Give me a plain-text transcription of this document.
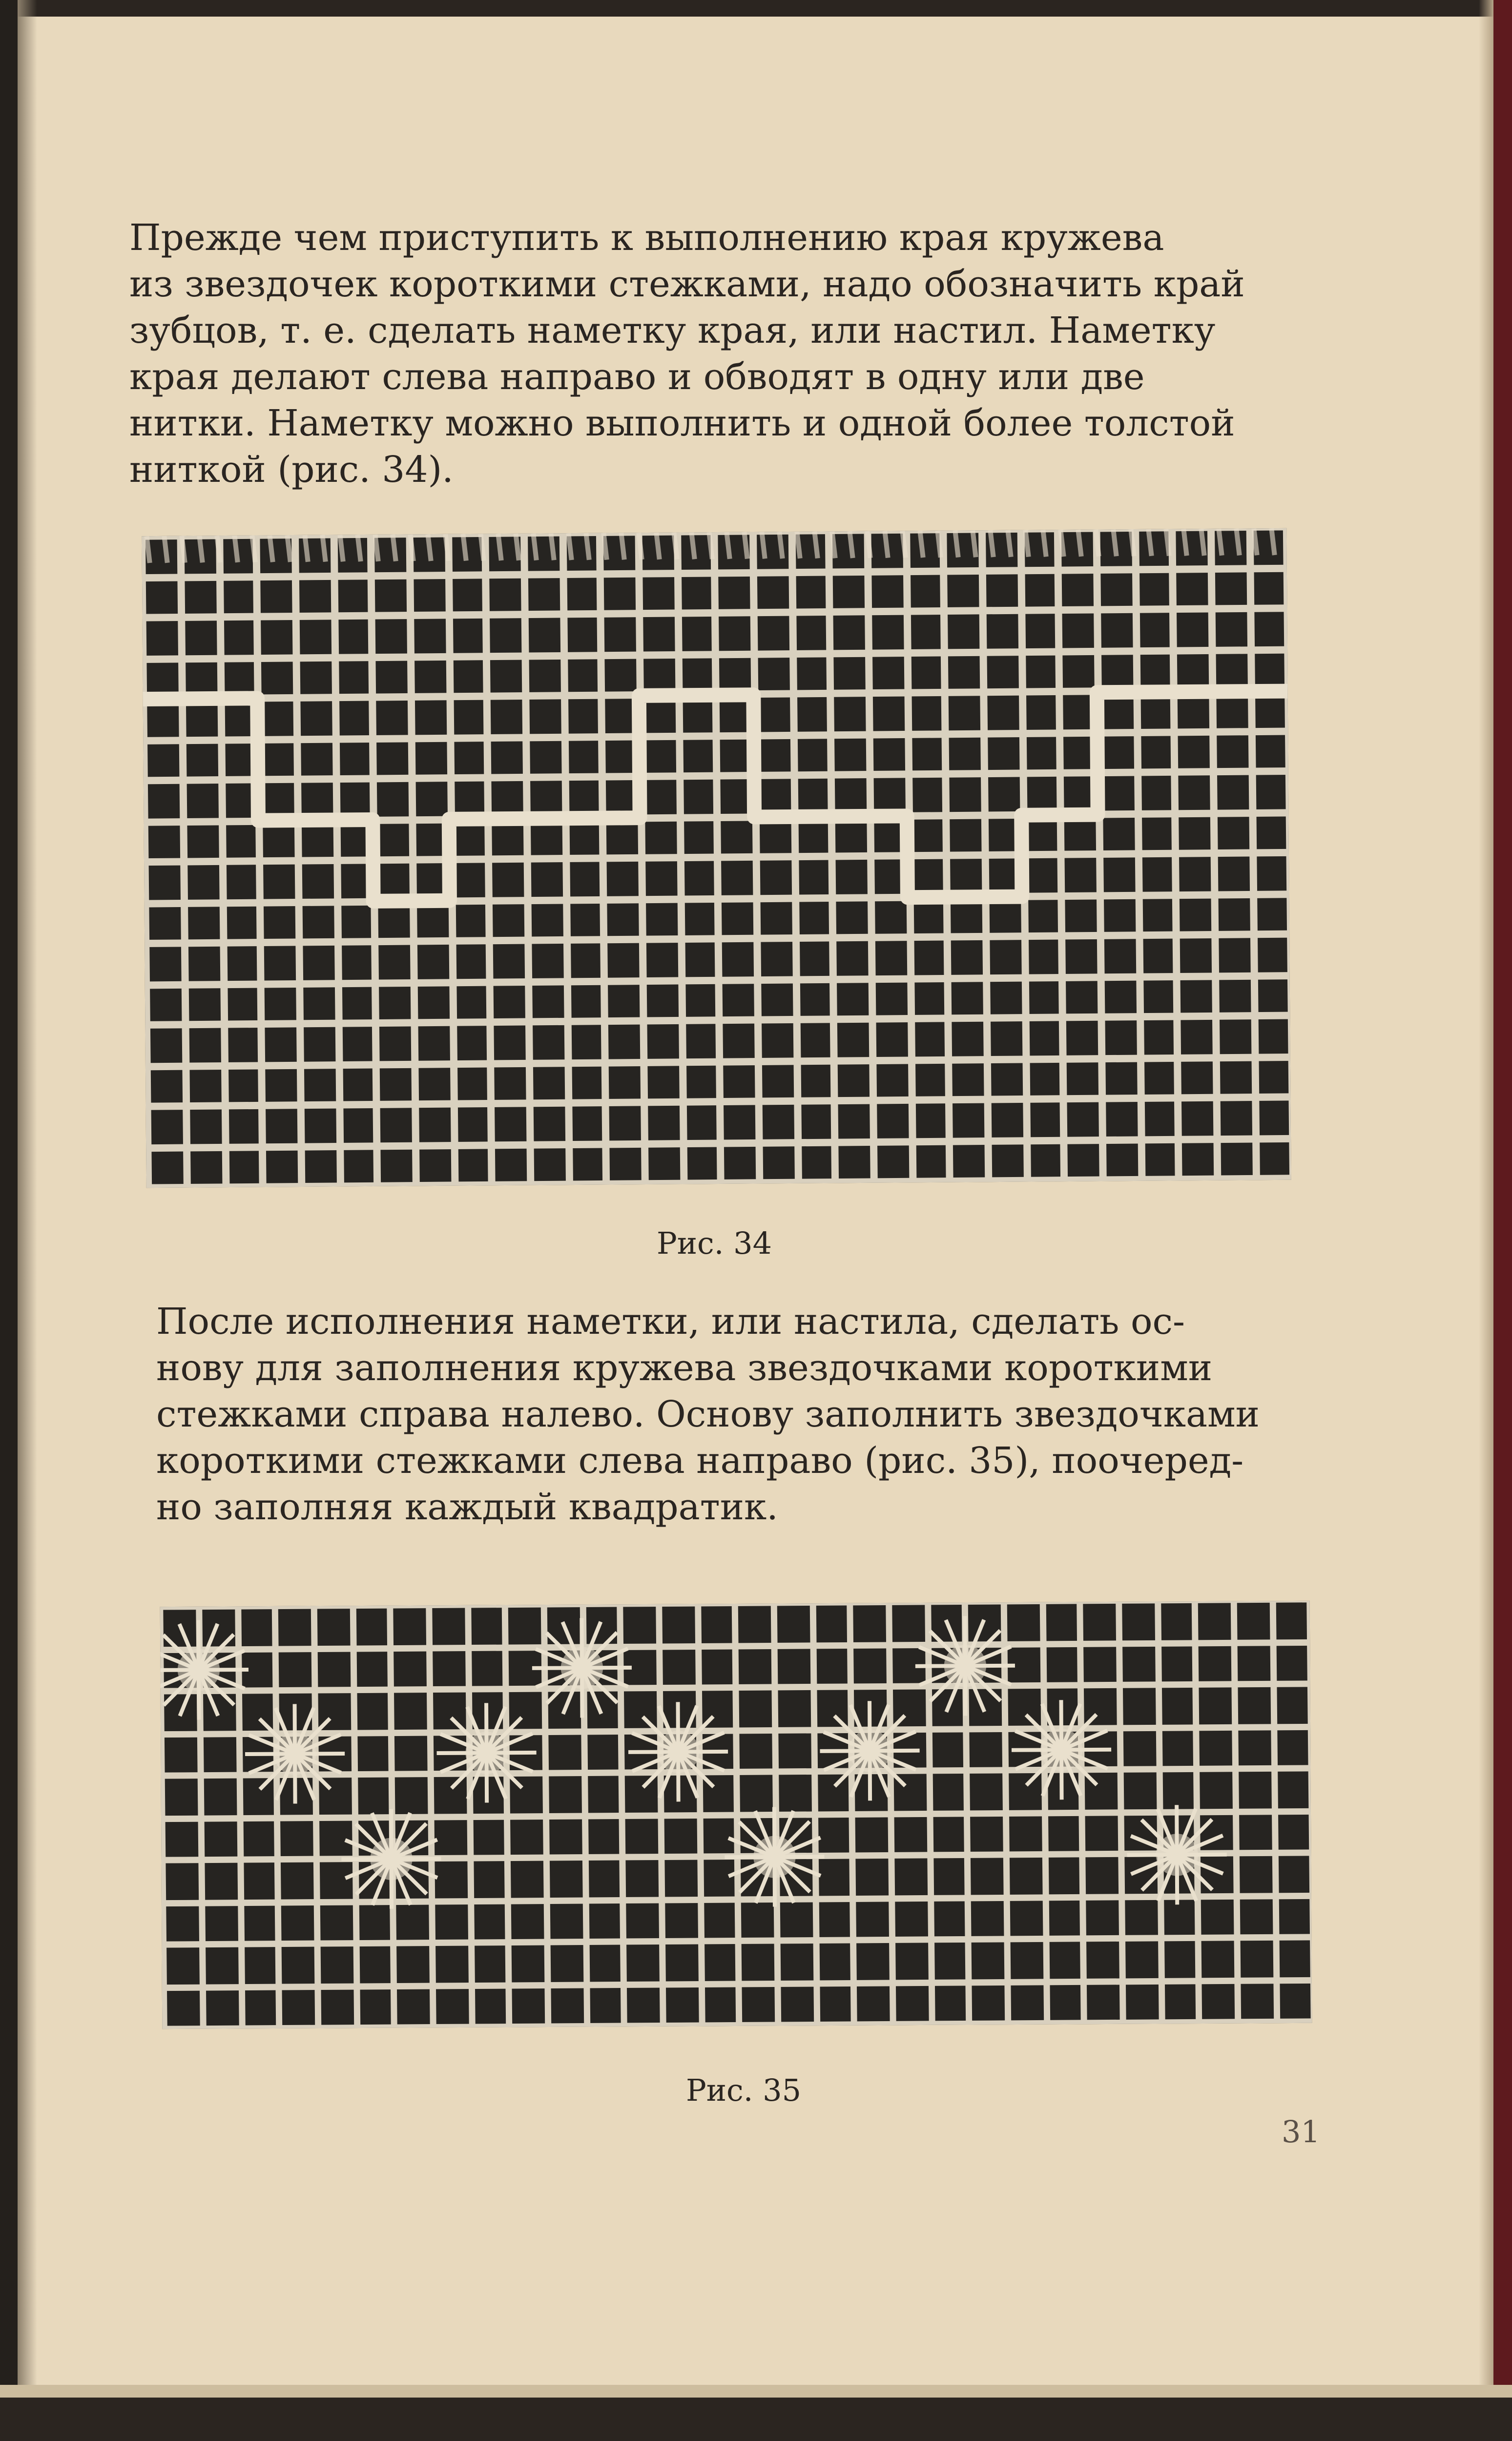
Прежде чем приступить к выполнению края кружева
из звездочек короткими стежками, надо обозначить край
зубцов, т. е. сделать наметку края, или настил. Наметку
края делают слева направо и обводят в одну или две
нитки. Наметку можно выполнить и одной более толстой
ниткой (рис. 34).

Рис. 34

После исполнения наметки, или настила, сделать ос-
нову для заполнения кружева звездочками короткими
стежками справа налево. Основу заполнить звездочками
короткими стежками слева направо (рис. 35), поочеред-
но заполняя каждый квадратик.

Рис. 35
31
